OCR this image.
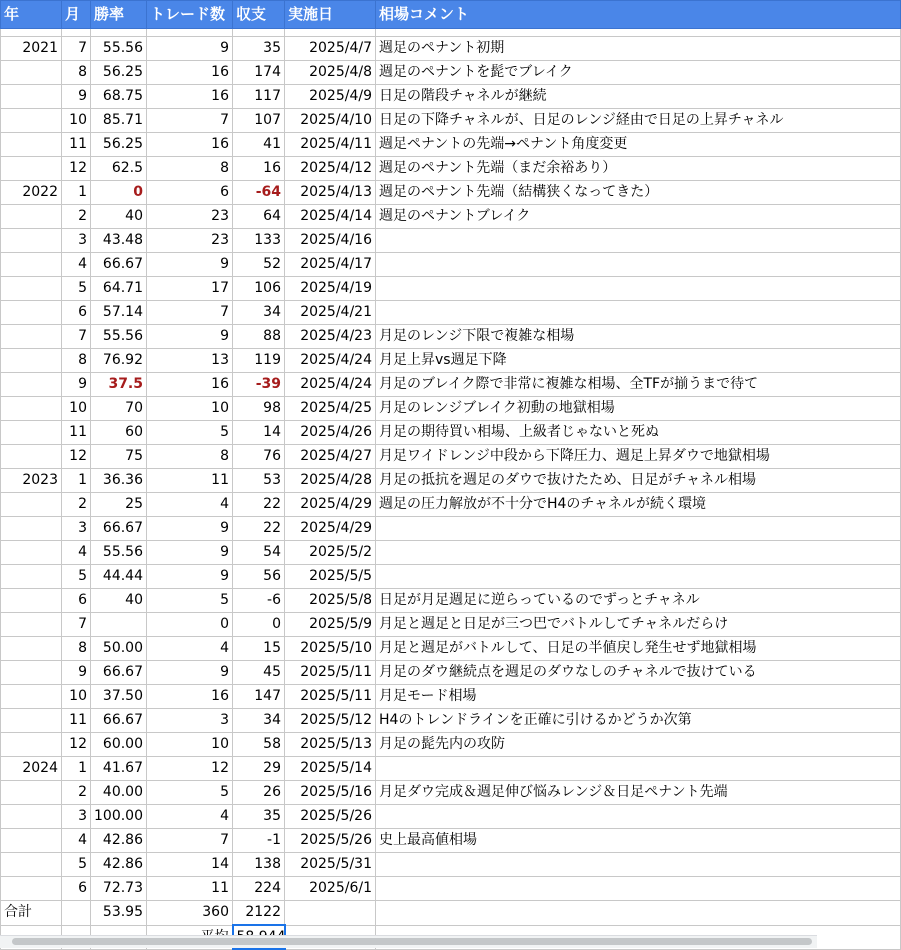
年	月	勝率	トレード数	収支	実施日	相場コメント

2021	7	55.56	9	35	2025/4/7	週足のペナント初期
	8	56.25	16	174	2025/4/8	週足のペナントを髭でブレイク
	9	68.75	16	117	2025/4/9	日足の階段チャネルが継続
	10	85.71	7	107	2025/4/10	日足の下降チャネルが、日足のレンジ経由で日足の上昇チャネル
	11	56.25	16	41	2025/4/11	週足ペナントの先端→ペナント角度変更
	12	62.5	8	16	2025/4/12	週足のペナント先端（まだ余裕あり）
2022	1	0	6	-64	2025/4/13	週足のペナント先端（結構狭くなってきた）
	2	40	23	64	2025/4/14	週足のペナントブレイク
	3	43.48	23	133	2025/4/16	
	4	66.67	9	52	2025/4/17	
	5	64.71	17	106	2025/4/19	
	6	57.14	7	34	2025/4/21	
	7	55.56	9	88	2025/4/23	月足のレンジ下限で複雑な相場
	8	76.92	13	119	2025/4/24	月足上昇vs週足下降
	9	37.5	16	-39	2025/4/24	月足のブレイク際で非常に複雑な相場、全TFが揃うまで待て
	10	70	10	98	2025/4/25	月足のレンジブレイク初動の地獄相場
	11	60	5	14	2025/4/26	月足の期待買い相場、上級者じゃないと死ぬ
	12	75	8	76	2025/4/27	月足ワイドレンジ中段から下降圧力、週足上昇ダウで地獄相場
2023	1	36.36	11	53	2025/4/28	月足の抵抗を週足のダウで抜けたため、日足がチャネル相場
	2	25	4	22	2025/4/29	週足の圧力解放が不十分でH4のチャネルが続く環境
	3	66.67	9	22	2025/4/29	
	4	55.56	9	54	2025/5/2	
	5	44.44	9	56	2025/5/5	
	6	40	5	-6	2025/5/8	日足が月足週足に逆らっているのでずっとチャネル
	7		0	0	2025/5/9	月足と週足と日足が三つ巴でバトルしてチャネルだらけ
	8	50.00	4	15	2025/5/10	月足と週足がバトルして、日足の半値戻し発生せず地獄相場
	9	66.67	9	45	2025/5/11	月足のダウ継続点を週足のダウなしのチャネルで抜けている
	10	37.50	16	147	2025/5/11	月足モード相場
	11	66.67	3	34	2025/5/12	H4のトレンドラインを正確に引けるかどうか次第
	12	60.00	10	58	2025/5/13	月足の髭先内の攻防
2024	1	41.67	12	29	2025/5/14	
	2	40.00	5	26	2025/5/16	月足ダウ完成＆週足伸び悩みレンジ＆日足ペナント先端
	3	100.00	4	35	2025/5/26	
	4	42.86	7	-1	2025/5/26	史上最高値相場
	5	42.86	14	138	2025/5/31	
	6	72.73	11	224	2025/6/1	
合計		53.95	360	2122		
